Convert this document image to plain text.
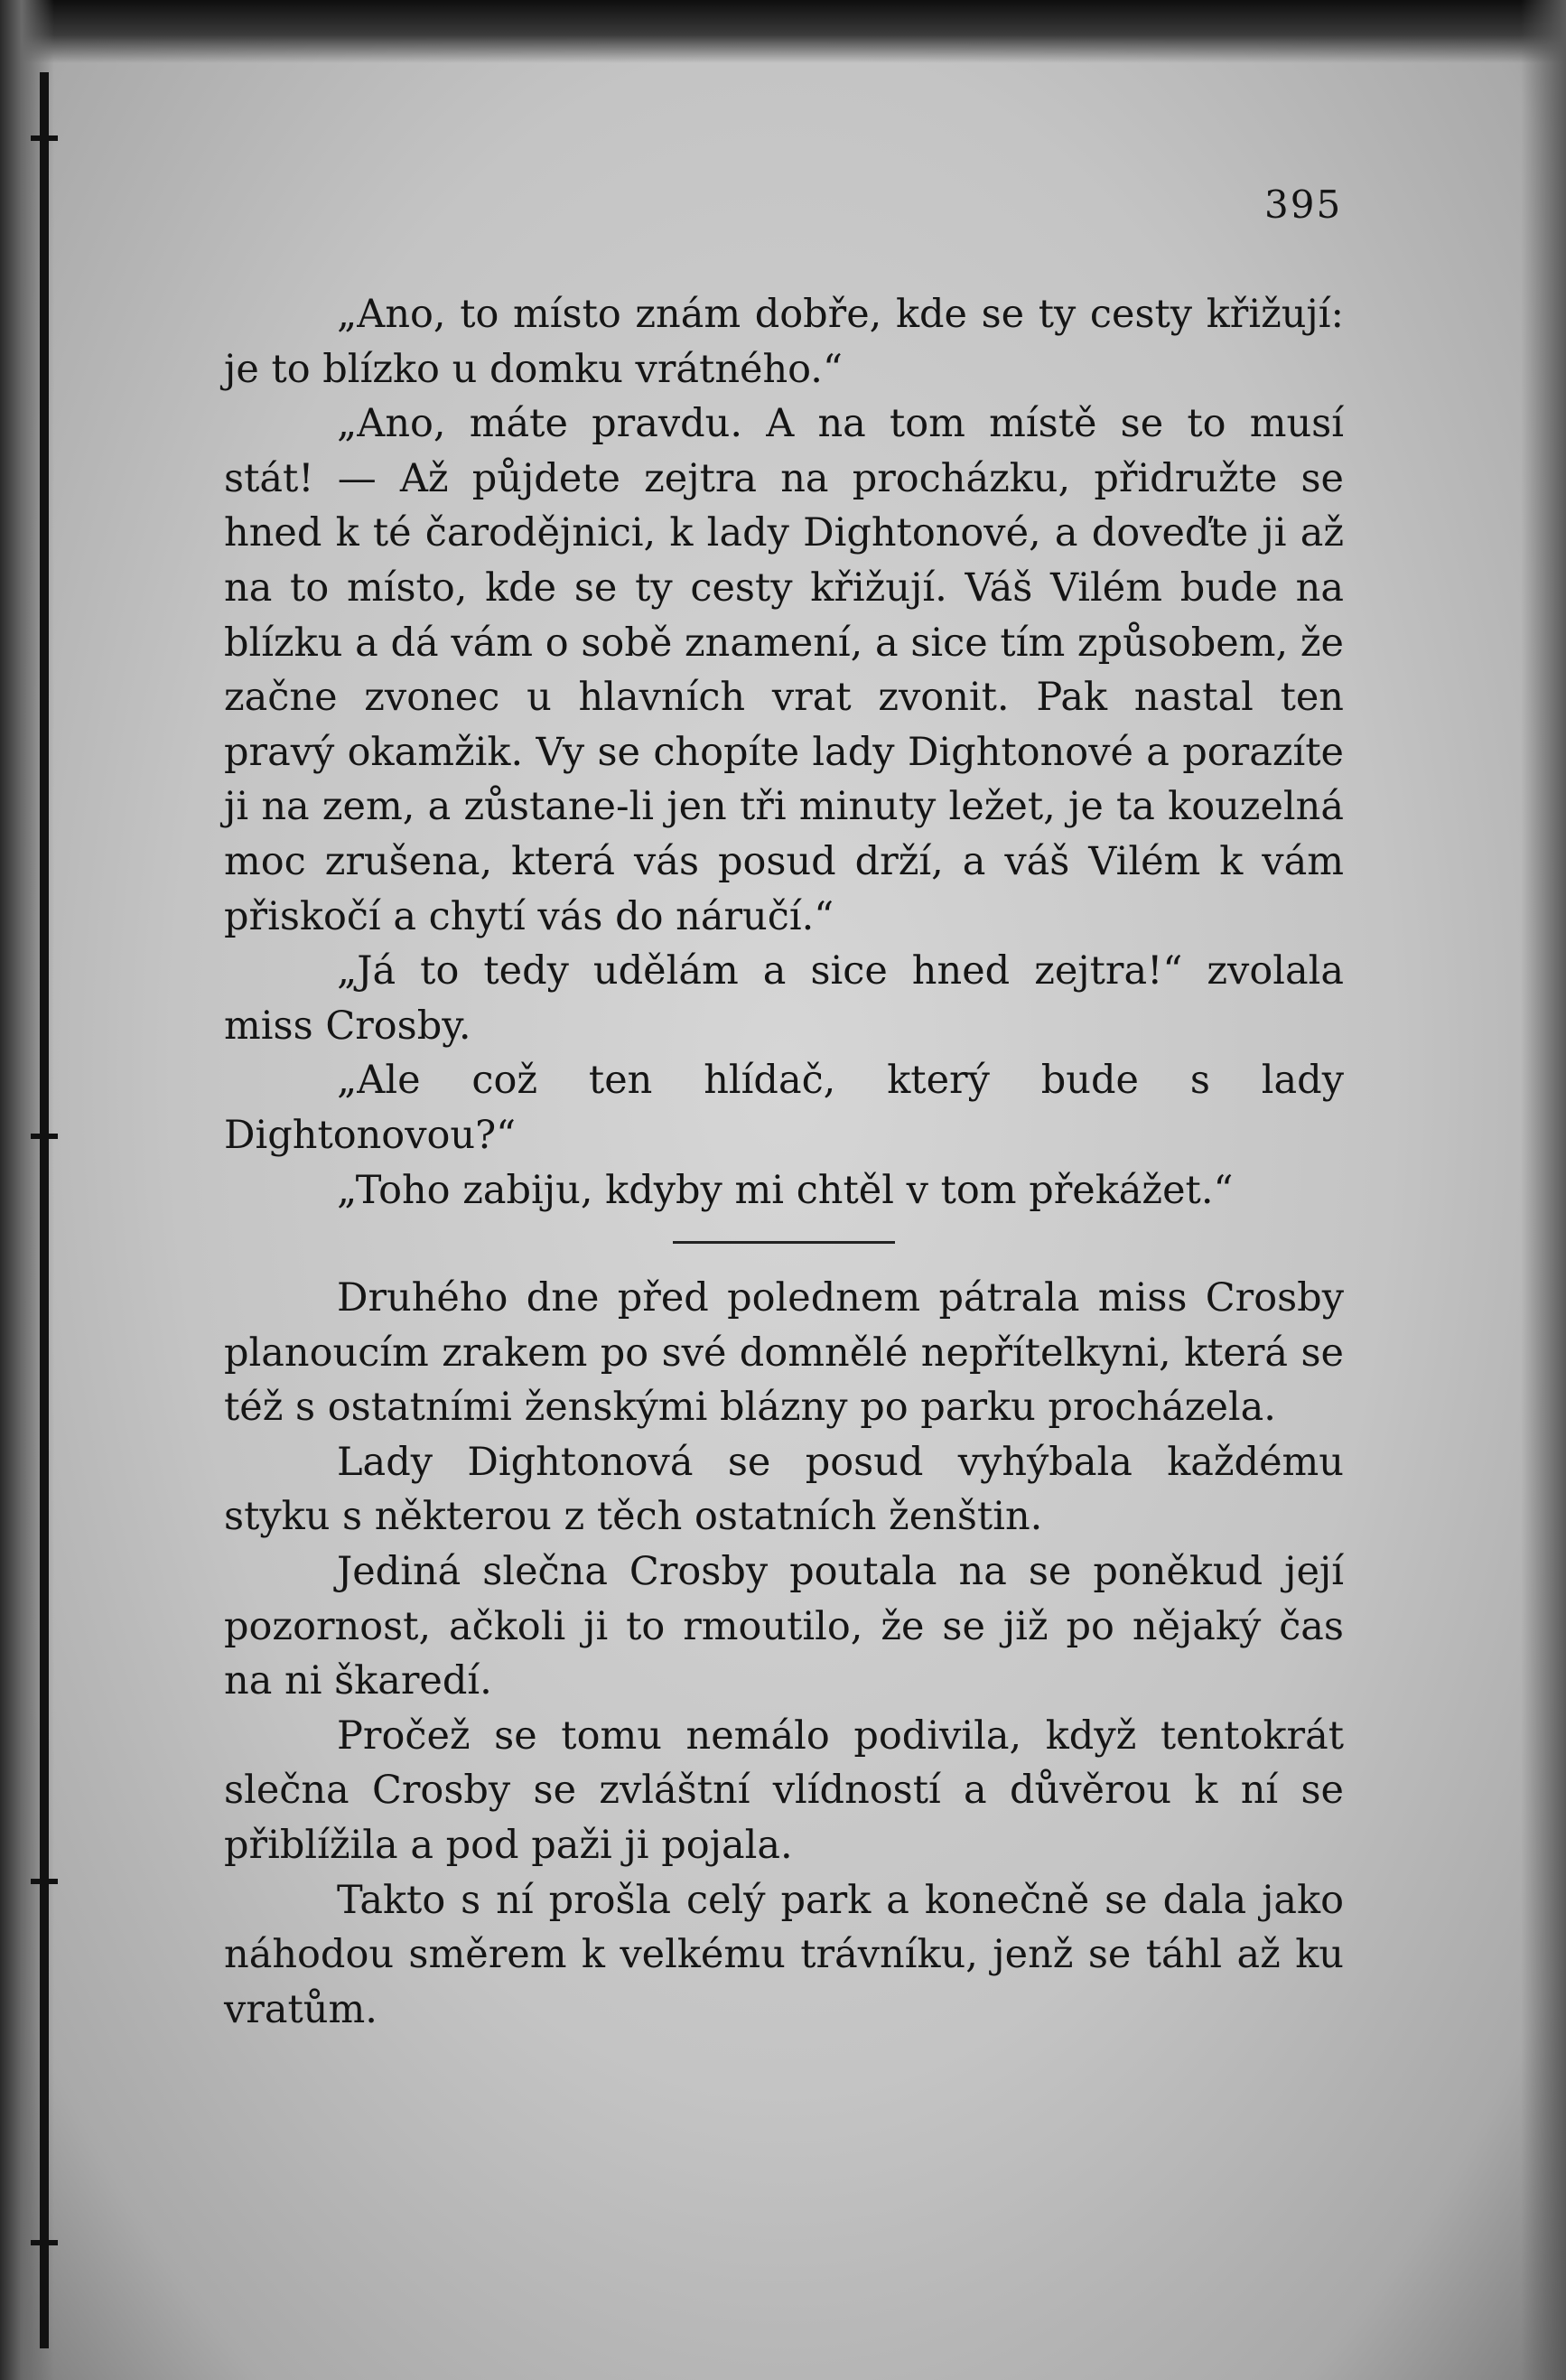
395

„Ano, to místo znám dobře, kde se ty cesty křižují: je to blízko u domku vrátného.“

„Ano, máte pravdu. A na tom místě se to musí stát! — Až půjdete zejtra na procházku, přidružte se hned k té čarodějnici, k lady Dightonové, a doveďte ji až na to místo, kde se ty cesty křižují. Váš Vilém bude na blízku a dá vám o sobě znamení, a sice tím způsobem, že začne zvonec u hlavních vrat zvonit. Pak nastal ten pravý okamžik. Vy se chopíte lady Dightonové a porazíte ji na zem, a zůstane-li jen tři minuty ležet, je ta kouzelná moc zrušena, která vás posud drží, a váš Vilém k vám přiskočí a chytí vás do náručí.“

„Já to tedy udělám a sice hned zejtra!“ zvolala miss Crosby.

„Ale což ten hlídač, který bude s lady Dightonovou?“

„Toho zabiju, kdyby mi chtěl v tom překážet.“

Druhého dne před polednem pátrala miss Crosby planoucím zrakem po své domnělé nepřítelkyni, která se též s ostatními ženskými blázny po parku procházela.

Lady Dightonová se posud vyhýbala každému styku s některou z těch ostatních ženštin.

Jediná slečna Crosby poutala na se poněkud její pozornost, ačkoli ji to rmoutilo, že se již po nějaký čas na ni škaredí.

Pročež se tomu nemálo podivila, když tentokrát slečna Crosby se zvláštní vlídností a důvěrou k ní se přiblížila a pod paži ji pojala.

Takto s ní prošla celý park a konečně se dala jako náhodou směrem k velkému trávníku, jenž se táhl až ku vratům.
